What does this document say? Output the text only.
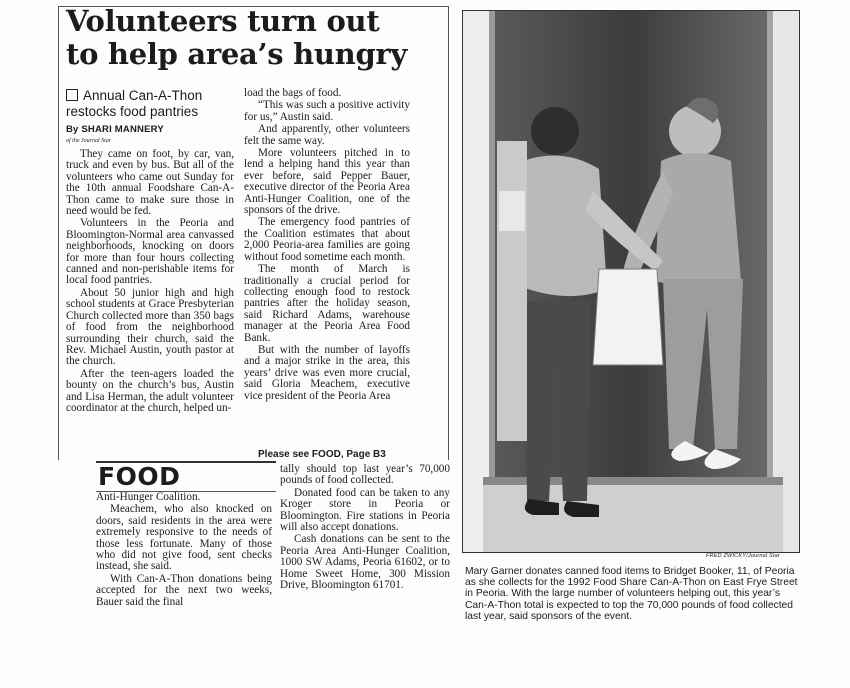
Volunteers turn out
to help area’s hungry

Annual Can-A-Thon restocks food pantries

By SHARI MANNERY
of the Journal Star

They came on foot, by car, van, truck and even by bus. But all of the volunteers who came out Sunday for the 10th annual Foodshare Can-A-Thon came to make sure those in need would be fed.

Volunteers in the Peoria and Bloomington-Normal area canvassed neighborhoods, knocking on doors for more than four hours collecting canned and non-perishable items for local food pantries.

About 50 junior high and high school students at Grace Presbyterian Church collected more than 350 bags of food from the neighborhood surrounding their church, said the Rev. Michael Austin, youth pastor at the church.

After the teen-agers loaded the bounty on the church’s bus, Austin and Lisa Herman, the adult volunteer coordinator at the church, helped un-

load the bags of food.

“This was such a positive activity for us,” Austin said.

And apparently, other volunteers felt the same way.

More volunteers pitched in to lend a helping hand this year than ever before, said Pepper Bauer, executive director of the Peoria Area Anti-Hunger Coalition, one of the sponsors of the drive.

The emergency food pantries of the Coalition estimates that about 2,000 Peoria-area families are going without food sometime each month.

The month of March is traditionally a crucial period for collecting enough food to restock pantries after the holiday season, said Richard Adams, warehouse manager at the Peoria Area Food Bank.

But with the number of layoffs and a major strike in the area, this years’ drive was even more crucial, said Gloria Meachem, executive vice president of the Peoria Area

Please see FOOD, Page B3
FOOD

Anti-Hunger Coalition.

Meachem, who also knocked on doors, said residents in the area were extremely responsive to the needs of those less fortunate. Many of those who did not give food, sent checks instead, she said.

With Can-A-Thon donations being accepted for the next two weeks, Bauer said the final

tally should top last year’s 70,000 pounds of food collected.

Donated food can be taken to any Kroger store in Peoria or Bloomington. Fire stations in Peoria will also accept donations.

Cash donations can be sent to the Peoria Area Anti-Hunger Coalition, 1000 SW Adams, Peoria 61602, or to Home Sweet Home, 300 Mission Drive, Bloomington 61701.

FRED ZWICKY/Journal Star

Mary Garner donates canned food items to Bridget Booker, 11, of Peoria as she collects for the 1992 Food Share Can-A-Thon on East Frye Street in Peoria. With the large number of volunteers helping out, this year’s Can-A-Thon total is expected to top the 70,000 pounds of food collected last year, said sponsors of the event.
